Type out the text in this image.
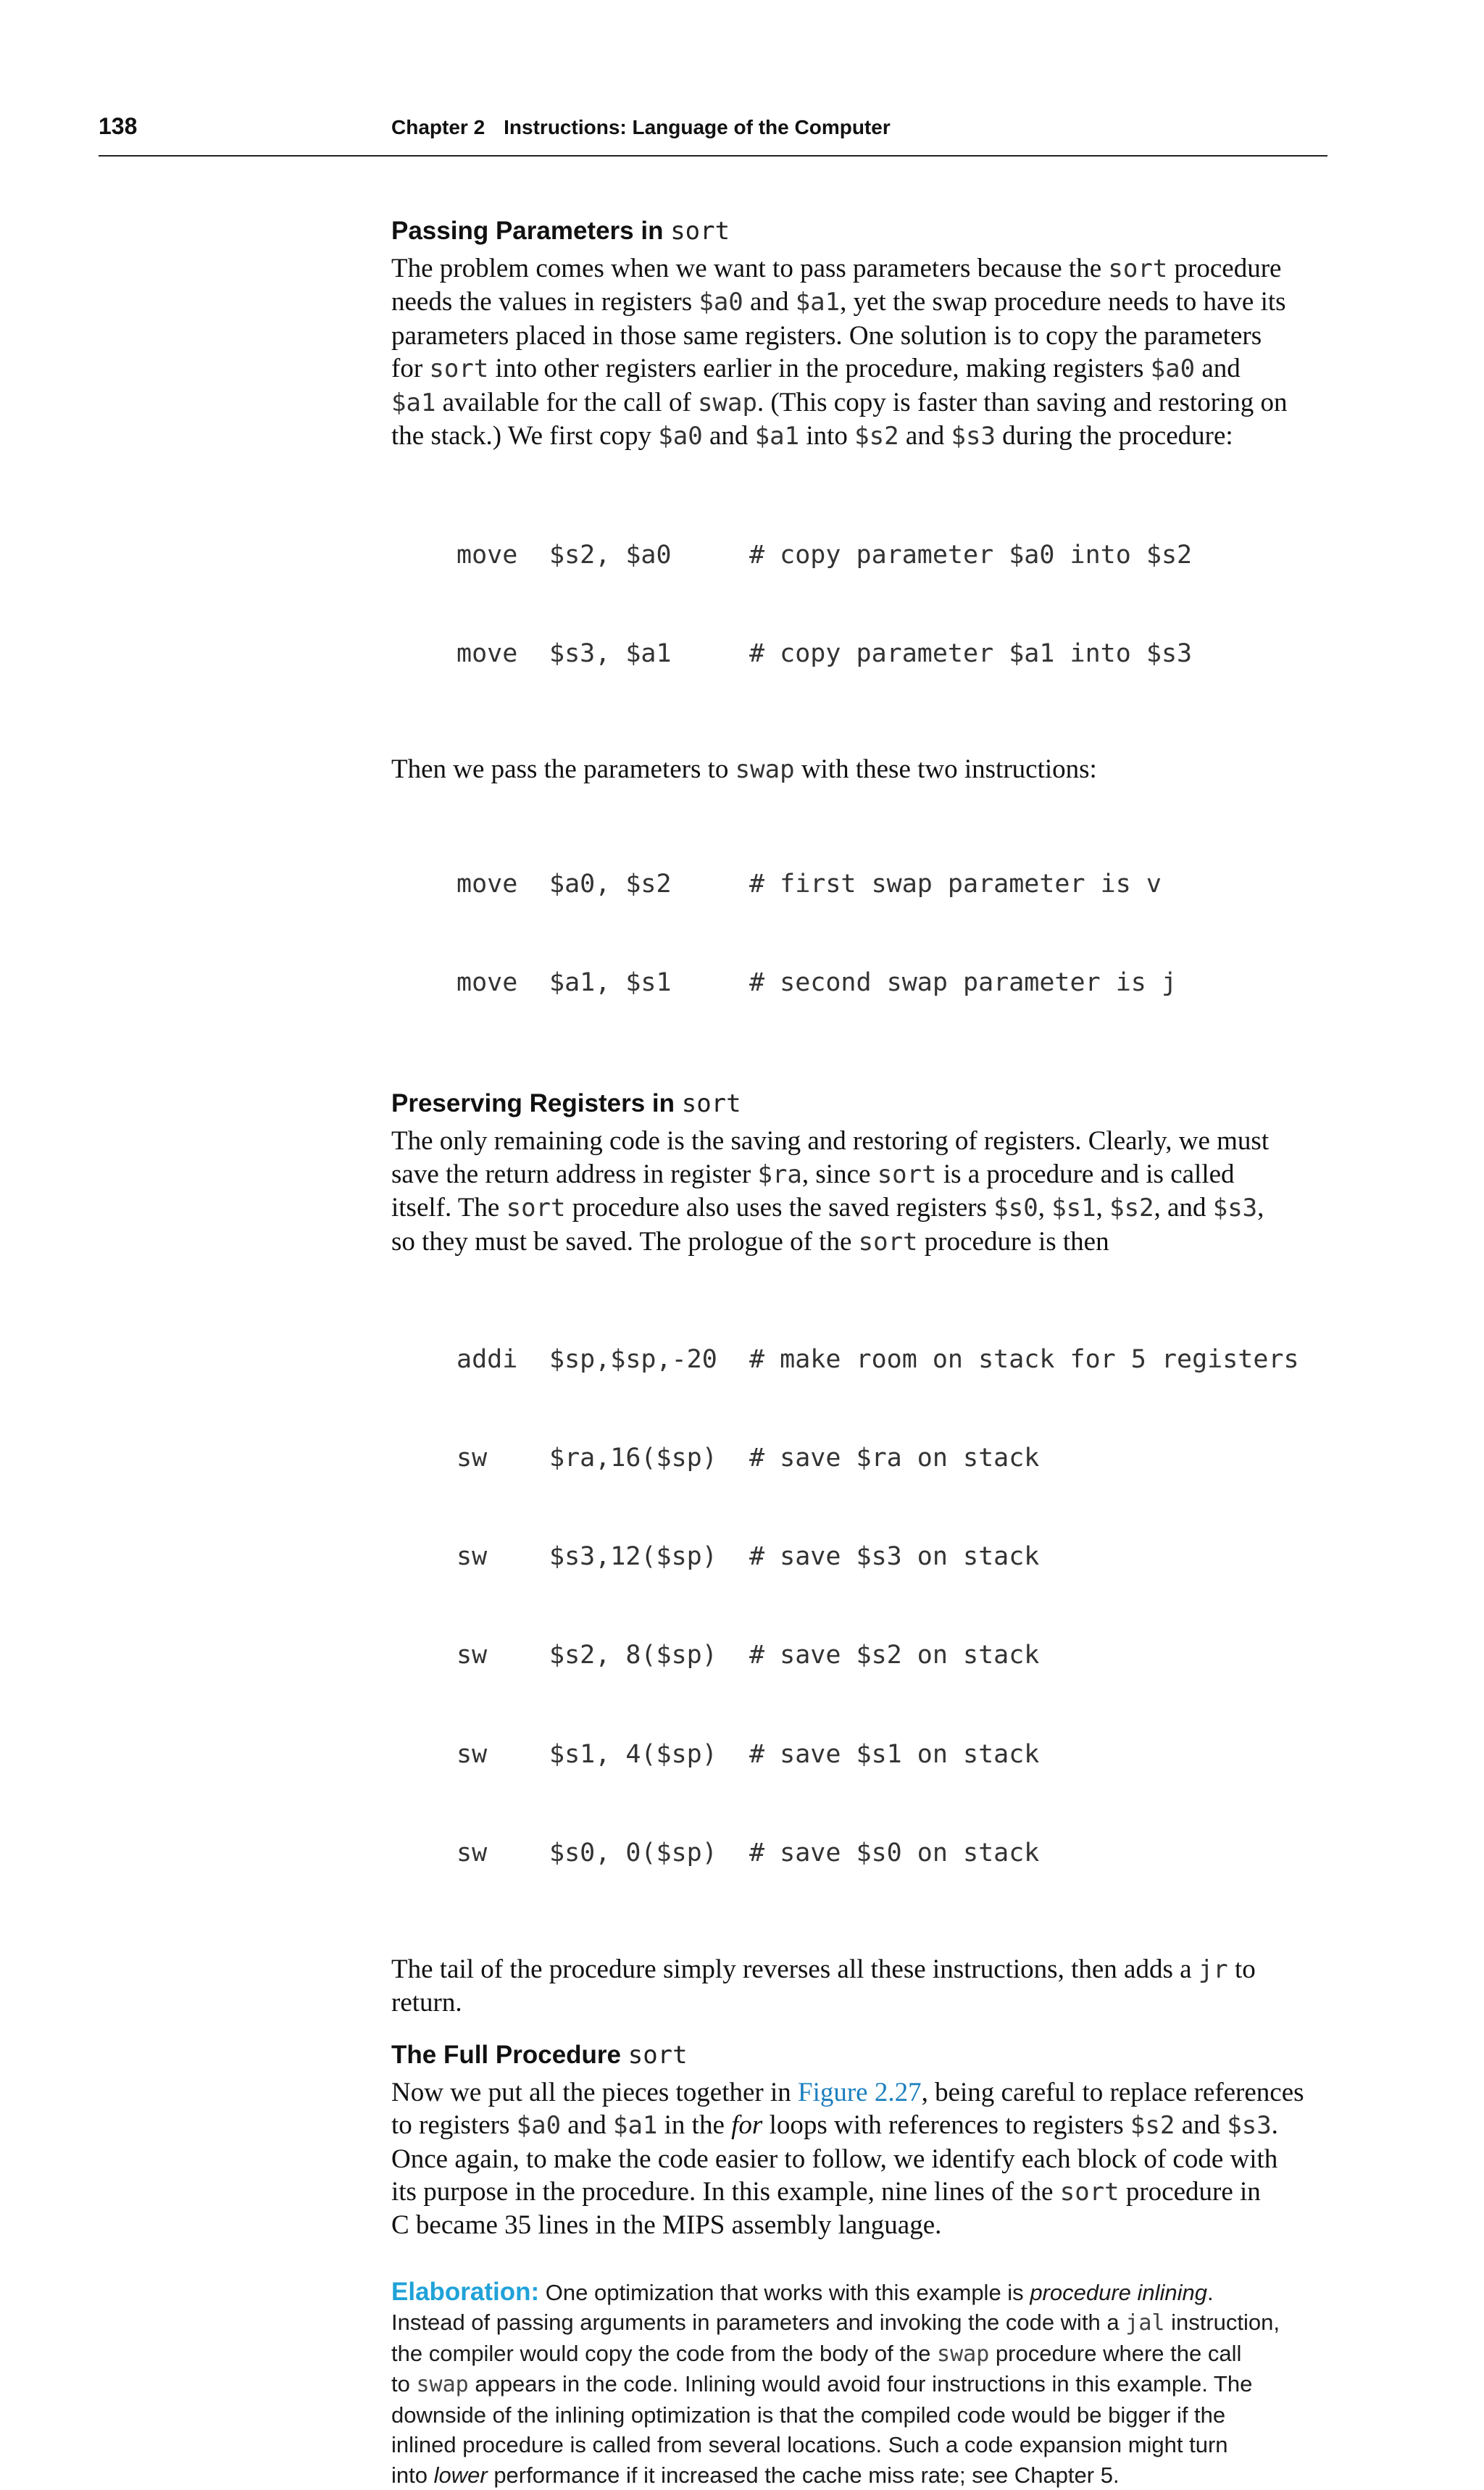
138	Chapter 2 Instructions: Language of the Computer
Passing Parameters in sort

The problem comes when we want to pass parameters because the sort procedure
needs the values in registers $a0 and $a1, yet the swap procedure needs to have its
parameters placed in those same registers. One solution is to copy the parameters
for sort into other registers earlier in the procedure, making registers $a0 and
$a1 available for the call of swap. (This copy is faster than saving and restoring on
the stack.) We first copy $a0 and $a1 into $s2 and $s3 during the procedure:

move $s2, $a0	# copy parameter $a0 into $s2

move $s3, $a1	# copy parameter $a1 into $s3

Then we pass the parameters to swap with these two instructions:

move $a0, $s2	# first swap parameter is v

move $a1, $s1	# second swap parameter is j

Preserving Registers in sort

The only remaining code is the saving and restoring of registers. Clearly, we must
save the return address in register $ra, since sort is a procedure and is called
itself. The sort procedure also uses the saved registers $s0, $s1, $s2, and $s3,
so they must be saved. The prologue of the sort procedure is then

addi $sp,$sp,-20 # make room on stack for 5 registers

sw $ra,16($sp) # save $ra on stack

sw $s3,12($sp) # save $s3 on stack

sw $s2, 8($sp) # save $s2 on stack

sw $s1, 4($sp) # save $s1 on stack

sw $s0, 0($sp) # save $s0 on stack

The tail of the procedure simply reverses all these instructions, then adds a jr to
return.

The Full Procedure sort

Now we put all the pieces together in Figure 2.27, being careful to replace references
to registers $a0 and $a1 in the for loops with references to registers $s2 and $s3.
Once again, to make the code easier to follow, we identify each block of code with
its purpose in the procedure. In this example, nine lines of the sort procedure in
C became 35 lines in the MIPS assembly language.

Elaboration: One optimization that works with this example is procedure inlining.
Instead of passing arguments in parameters and invoking the code with a jal instruction,
the compiler would copy the code from the body of the swap procedure where the call
to swap appears in the code. Inlining would avoid four instructions in this example. The
downside of the inlining optimization is that the compiled code would be bigger if the
inlined procedure is called from several locations. Such a code expansion might turn
into lower performance if it increased the cache miss rate; see Chapter 5.
